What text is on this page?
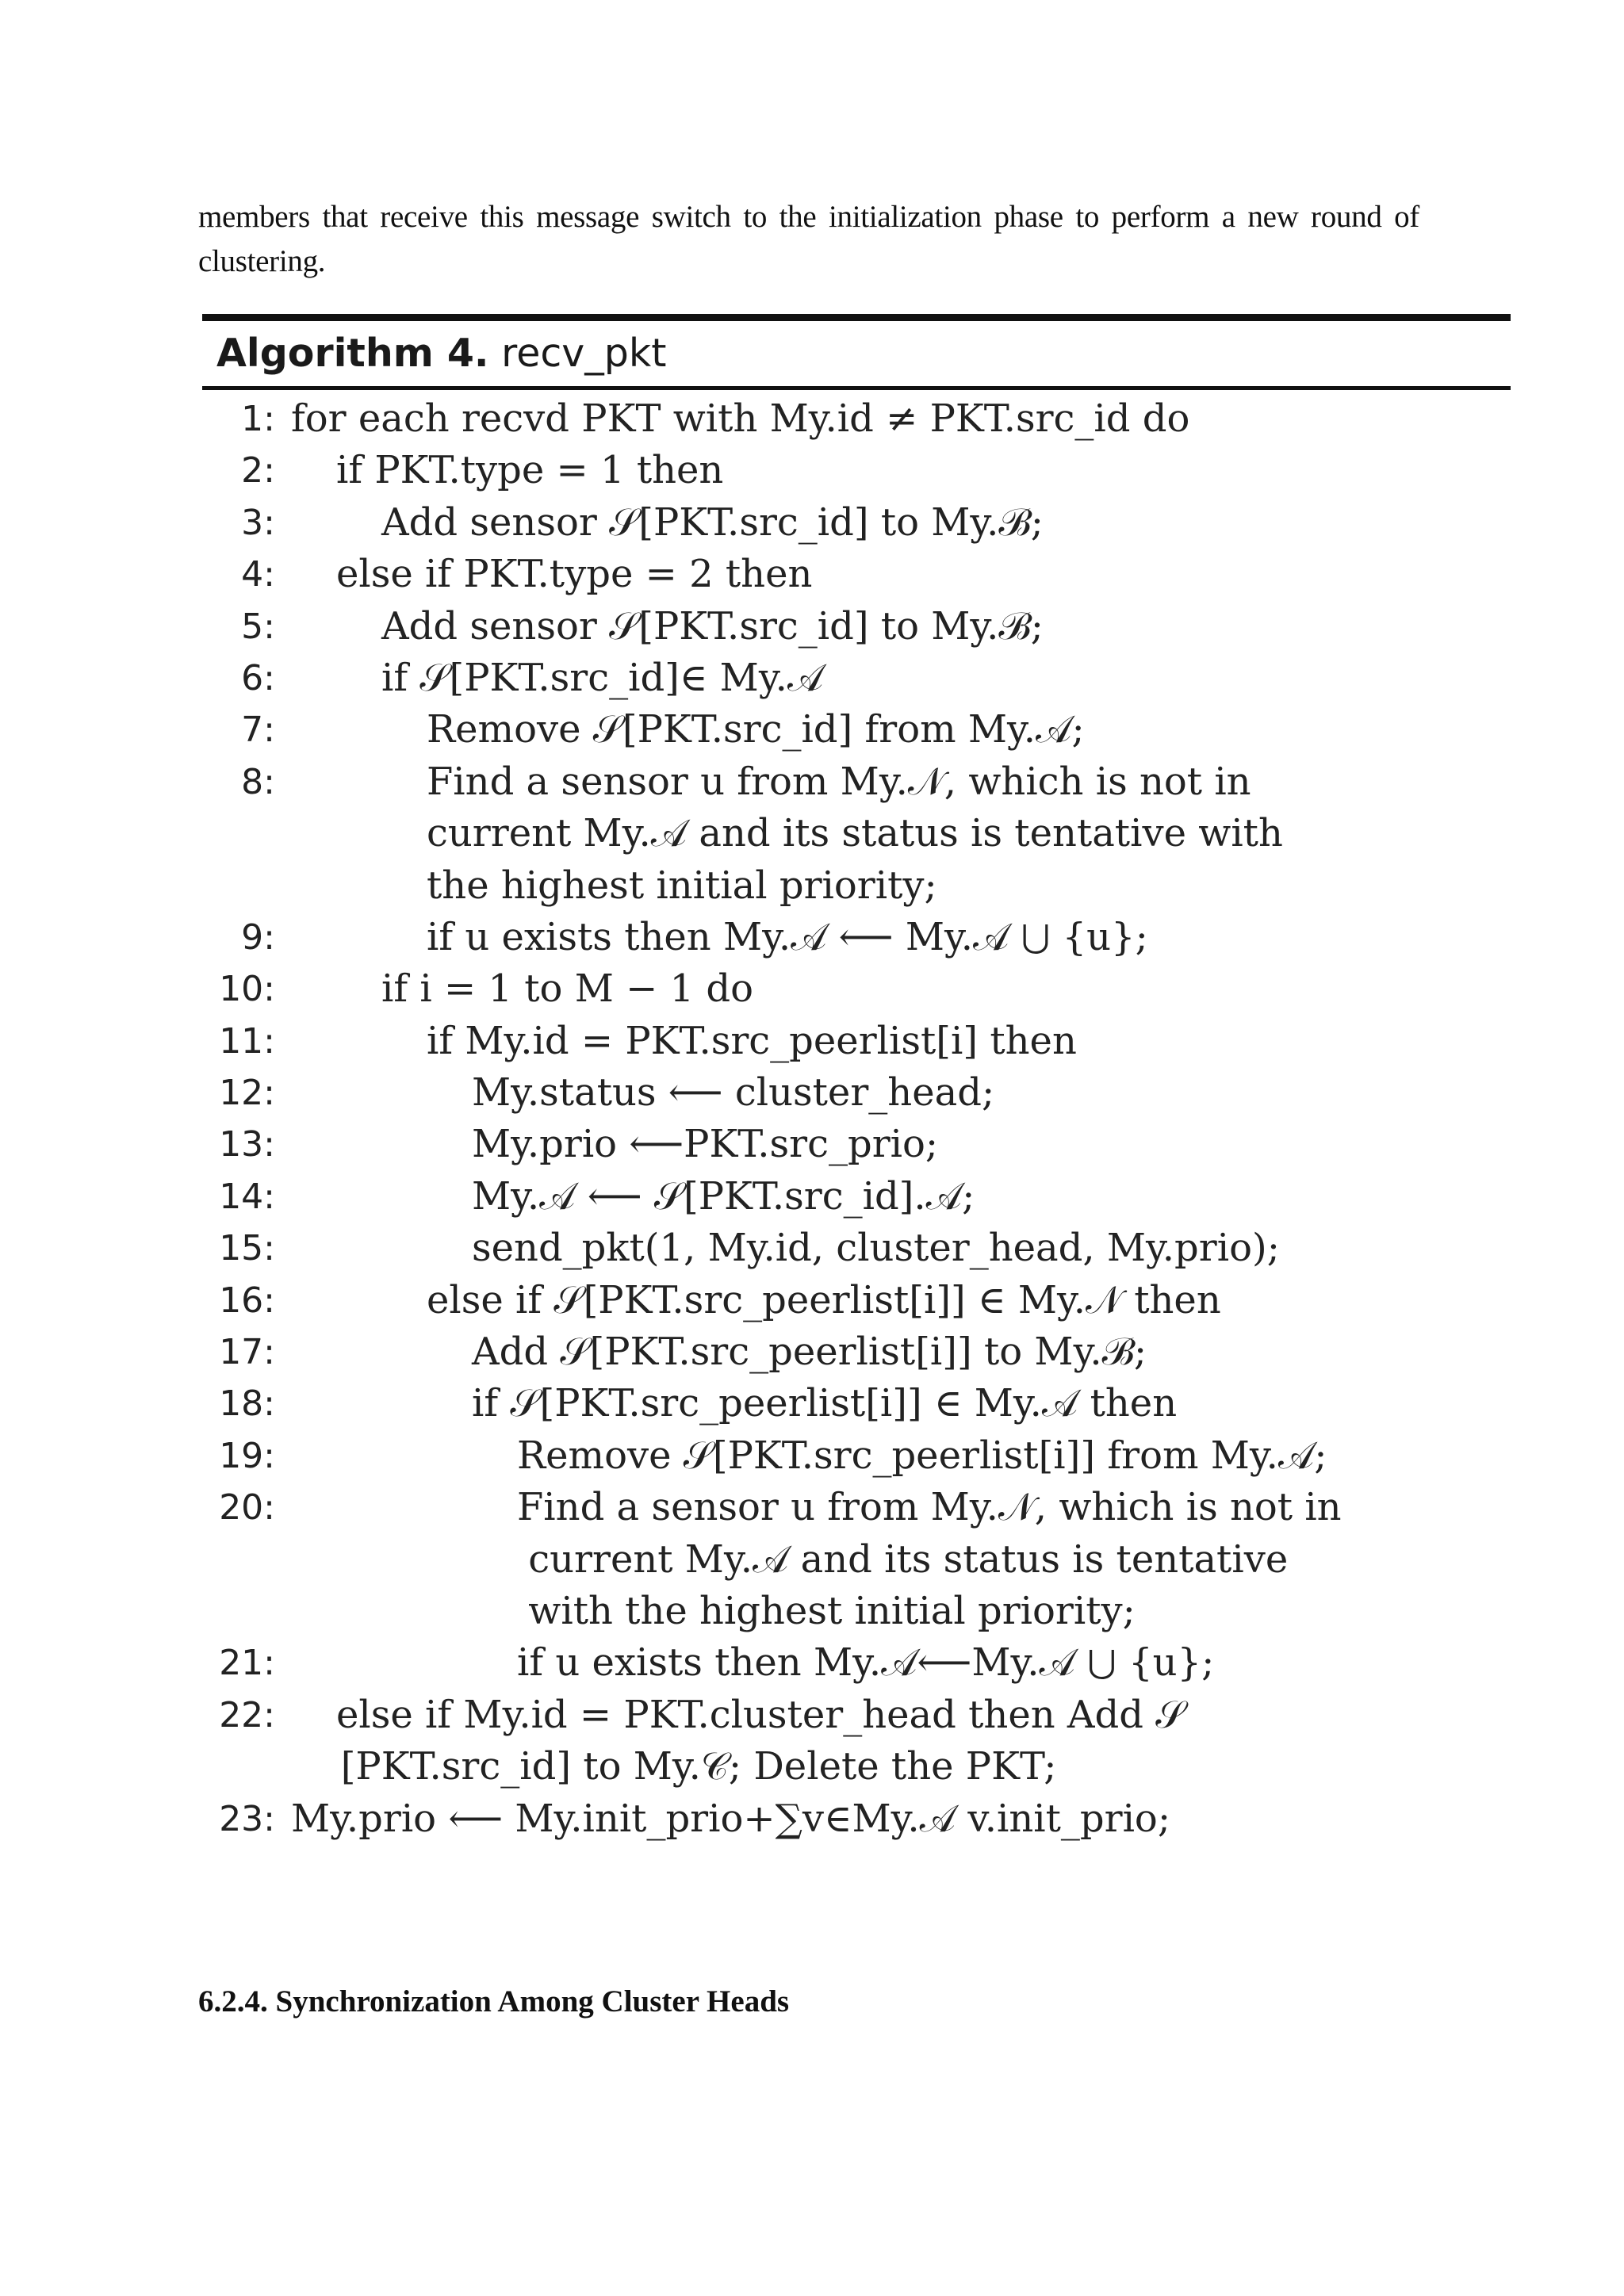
members that receive this message switch to the initialization phase to perform a new round of clustering.
Algorithm 4. recv_pkt
1: for each recvd PKT with My.id ≠ PKT.src_id do
2: if PKT.type = 1 then
3:	Add sensor 𝒮[PKT.src_id] to My.ℬ;
4: else if PKT.type = 2 then
5:	Add sensor 𝒮[PKT.src_id] to My.ℬ;
6:	if 𝒮[PKT.src_id]∈ My.𝒜
7:	Remove 𝒮[PKT.src_id] from My.𝒜;
8:	Find a sensor u from My.𝒩, which is not in
current My.𝒜 and its status is tentative with
the highest initial priority;
9:	if u exists then My.𝒜 ⟵ My.𝒜 ⋃ {u};
10:	if i = 1 to M − 1 do
11:	if My.id = PKT.src_peerlist[i] then
12:	My.status ⟵ cluster_head;
13:	My.prio ⟵PKT.src_prio;
14:	My.𝒜 ⟵ 𝒮[PKT.src_id].𝒜;
15:	send_pkt(1, My.id, cluster_head, My.prio);
16:	else if 𝒮[PKT.src_peerlist[i]] ∈ My.𝒩 then
17:	Add 𝒮[PKT.src_peerlist[i]] to My.ℬ;
18:	if 𝒮[PKT.src_peerlist[i]] ∈ My.𝒜 then
19:	Remove 𝒮[PKT.src_peerlist[i]] from My.𝒜;
20:	Find a sensor u from My.𝒩, which is not in
current My.𝒜 and its status is tentative
with the highest initial priority;
21:	if u exists then My.𝒜⟵My.𝒜 ⋃ {u};
22: else if My.id = PKT.cluster_head then Add 𝒮
[PKT.src_id] to My.𝒞; Delete the PKT;
23: My.prio ⟵ My.init_prio+∑v∈My.𝒜 v.init_prio;
6.2.4. Synchronization Among Cluster Heads
